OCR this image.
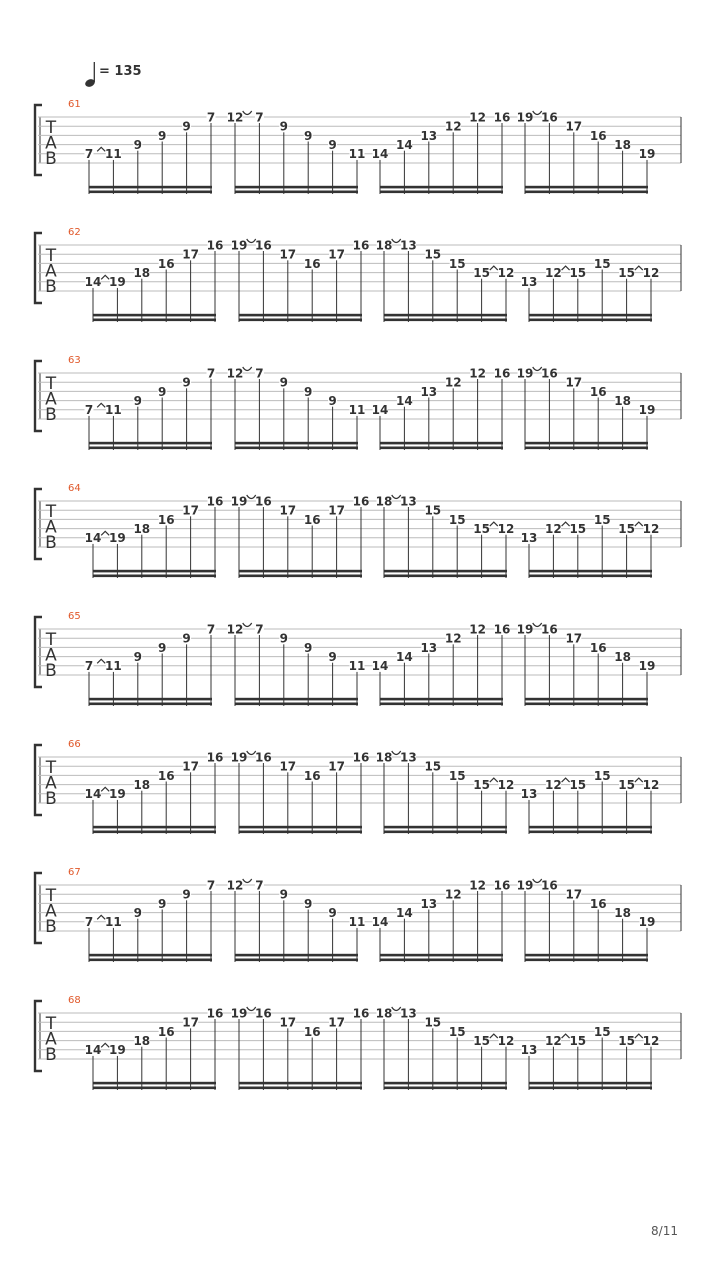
= 135
61
T
A
B 7 11
9
9
9
7 12 7
9
9
9
11 14
14
13
12
12 16 19 16
17
16
18
19
62
T
A
B 14 19
18
16
17
16 19 16
17
16
17
16 18 13
15
15
15 12
13
12 15
15
15 12
63
T
A
B 7 11
9
9
9
7 12 7
9
9
9
11 14
14
13
12
12 16 19 16
17
16
18
19
64
T
A
B 14 19
18
16
17
16 19 16
17
16
17
16 18 13
15
15
15 12
13
12 15
15
15 12
65
T
A
B 7 11
9
9
9
7 12 7
9
9
9
11 14
14
13
12
12 16 19 16
17
16
18
19
66
T
A
B 14 19
18
16
17
16 19 16
17
16
17
16 18 13
15
15
15 12
13
12 15
15
15 12
67
T
A
B 7 11
9
9
9
7 12 7
9
9
9
11 14
14
13
12
12 16 19 16
17
16
18
19
68
T
A
B 14 19
18
16
17
16 19 16
17
16
17
16 18 13
15
15
15 12
13
12 15
15
15 12
8/11
